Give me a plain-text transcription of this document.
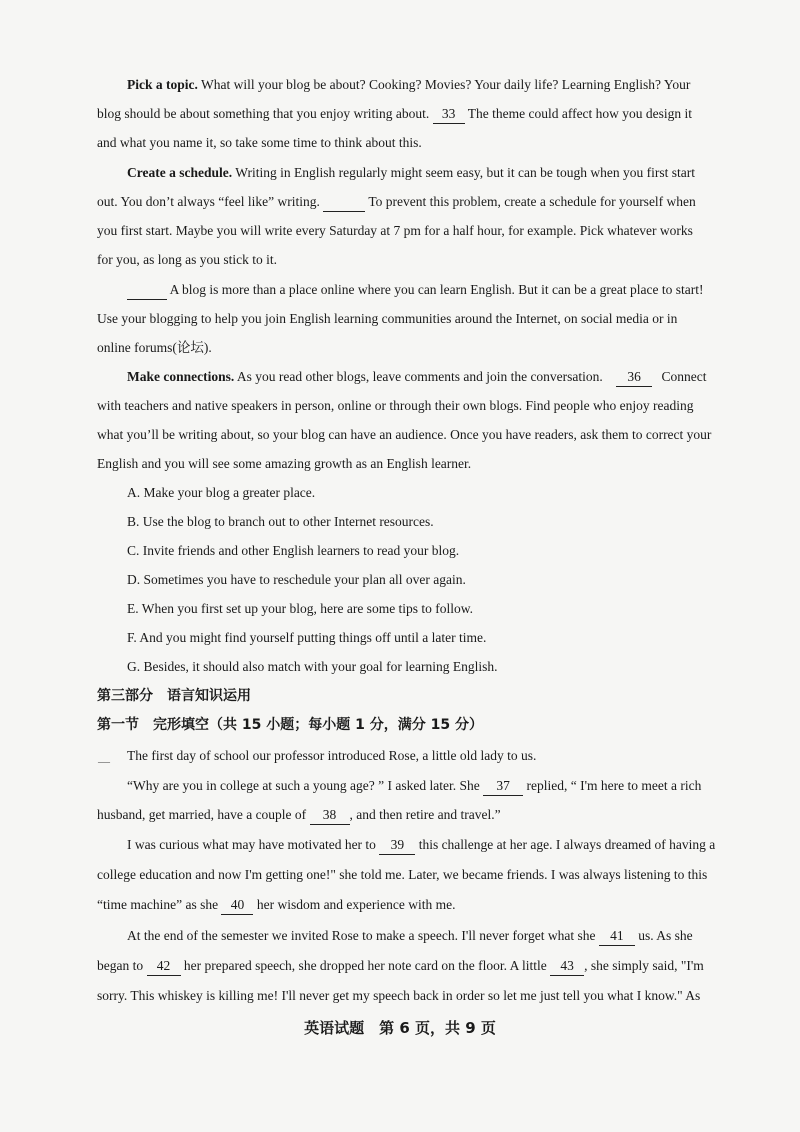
Pick a topic. What will your blog be about? Cooking? Movies? Your daily life? Learning English? Your
blog should be about something that you enjoy writing about. 33 The theme could affect how you design it
and what you name it, so take some time to think about this.
Create a schedule. Writing in English regularly might seem easy, but it can be tough when you first start
out. You don’t always “feel like” writing.	To prevent this problem, create a schedule for yourself when
you first start. Maybe you will write every Saturday at 7 pm for a half hour, for example. Pick whatever works
for you, as long as you stick to it.
A blog is more than a place online where you can learn English. But it can be a great place to start!
Use your blogging to help you join English learning communities around the Internet, on social media or in
online forums(论坛).
Make connections. As you read other blogs, leave comments and join the conversation. 36 Connect
with teachers and native speakers in person, online or through their own blogs. Find people who enjoy reading
what you’ll be writing about, so your blog can have an audience. Once you have readers, ask them to correct your
English and you will see some amazing growth as an English learner.
A. Make your blog a greater place.
B. Use the blog to branch out to other Internet resources.
C. Invite friends and other English learners to read your blog.
D. Sometimes you have to reschedule your plan all over again.
E. When you first set up your blog, here are some tips to follow.
F. And you might find yourself putting things off until a later time.
G. Besides, it should also match with your goal for learning English.
第三部分　语言知识运用
第一节　完形填空（共 15 小题；每小题 1 分，满分 15 分）
The first day of school our professor introduced Rose, a little old lady to us.
“Why are you in college at such a young age? ” I asked later. She 37 replied, “ I'm here to meet a rich
husband, get married, have a couple of 38 , and then retire and travel.”
I was curious what may have motivated her to 39 this challenge at her age. I always dreamed of having a
college education and now I'm getting one!" she told me. Later, we became friends. I was always listening to this
“time machine” as she 40 her wisdom and experience with me.
At the end of the semester we invited Rose to make a speech. I'll never forget what she 41 us. As she
began to 42 her prepared speech, she dropped her note card on the floor. A little 43 , she simply said, "I'm
sorry. This whiskey is killing me! I'll never get my speech back in order so let me just tell you what I know." As
英语试题　第 6 页，共 9 页
—
